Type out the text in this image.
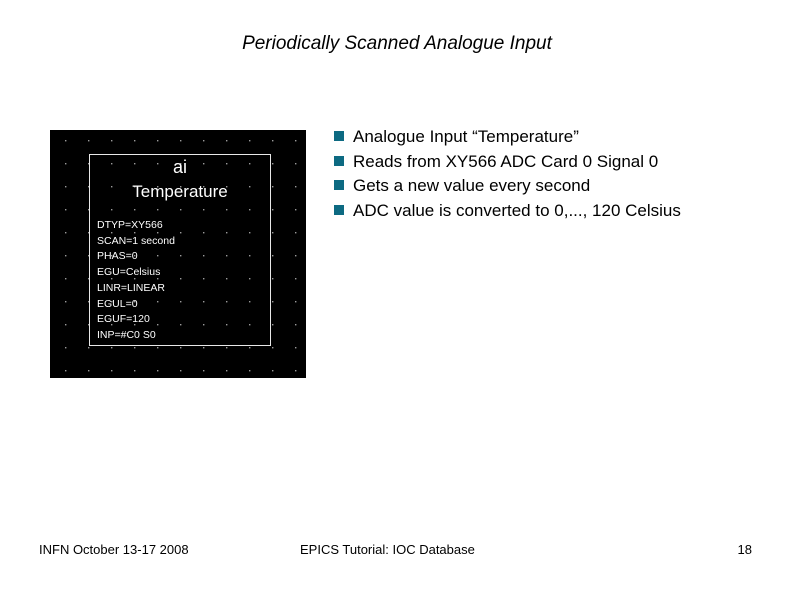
Periodically Scanned Analogue Input
ai
Temperature
DTYP=XY566
SCAN=1 second
PHAS=0
EGU=Celsius
LINR=LINEAR
EGUL=0
EGUF=120
INP=#C0 S0
Analogue Input “Temperature”
Reads from XY566 ADC Card 0 Signal 0
Gets a new value every second
ADC value is converted to 0,..., 120 Celsius
INFN October 13-17 2008	EPICS Tutorial: IOC Database	18
